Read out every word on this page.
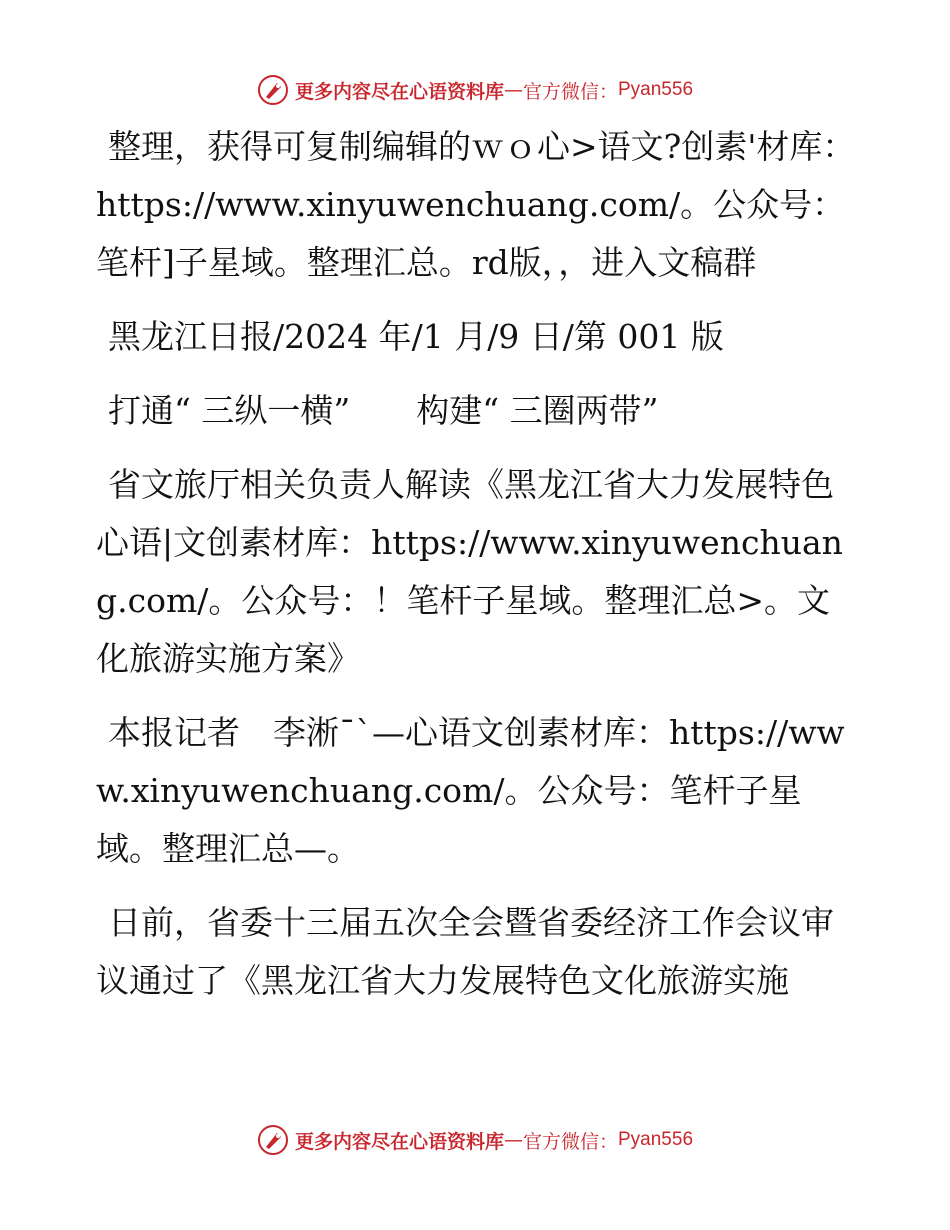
更多内容尽在心语资料库 — 官方微信： Pyan556

整理，获得可复制编辑的ｗｏ心>语文?创素'材库：https://www.xinyuwenchuang.com/。公众号：笔杆]子星域。整理汇总。rd版，，进入文稿群

黑龙江日报/2024 年/1 月/9 日/第 001 版

打通“ 三纵一横”　　构建“ 三圈两带”

省文旅厅相关负责人解读《黑龙江省大力发展特色心语|文创素材库：https://www.xinyuwenchuang.com/。公众号：！笔杆子星域。整理汇总>。文化旅游实施方案》

本报记者　李淅¯`—心语文创素材库：https://www.xinyuwenchuang.com/。公众号：笔杆子星域。整理汇总—。

日前，省委十三届五次全会暨省委经济工作会议审议通过了《黑龙江省大力发展特色文化旅游实施

更多内容尽在心语资料库 — 官方微信： Pyan556
